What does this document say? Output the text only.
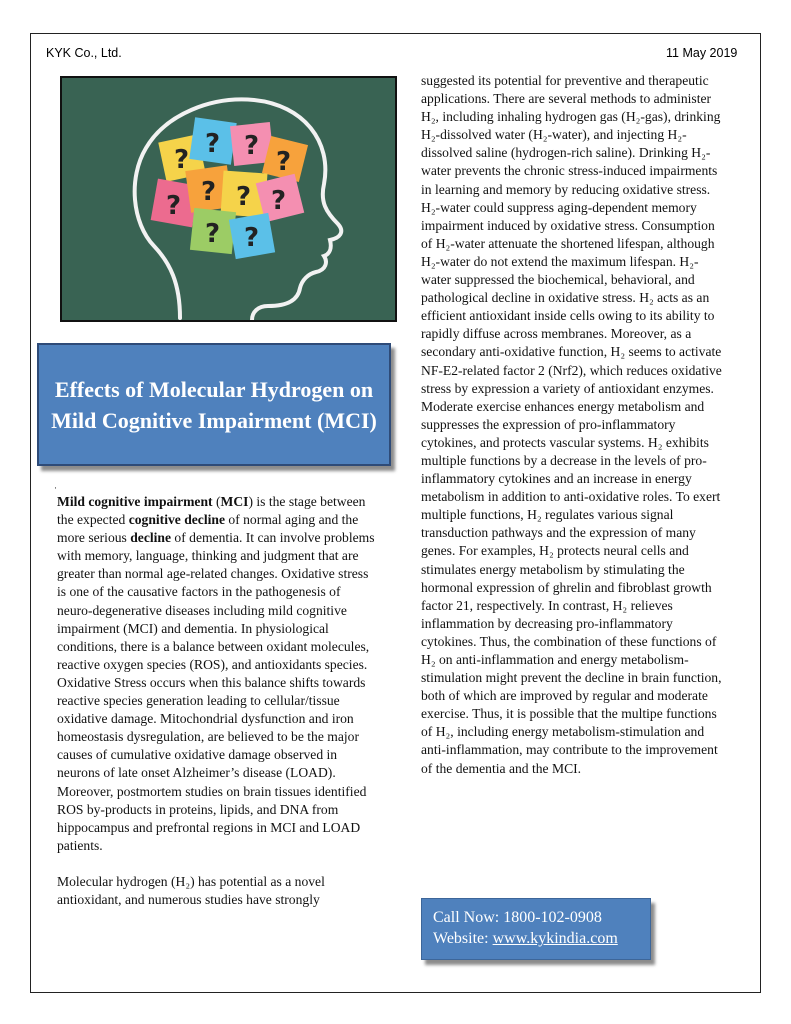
KYK Co., Ltd.	11 May 2019
?
? ?
?
? ? ? ?
? ?
Effects of Molecular Hydrogen on Mild Cognitive Impairment (MCI)

·

Mild cognitive impairment (MCI) is the stage between the expected cognitive decline of normal aging and the more serious decline of dementia. It can involve problems with memory, language, thinking and judgment that are greater than normal age-related changes. Oxidative stress is one of the causative factors in the pathogenesis of neuro-degenerative diseases including mild cognitive impairment (MCI) and dementia. In physiological conditions, there is a balance between oxidant molecules, reactive oxygen species (ROS), and antioxidants species. Oxidative Stress occurs when this balance shifts towards reactive species generation leading to cellular/tissue oxidative damage. Mitochondrial dysfunction and iron homeostasis dysregulation, are believed to be the major causes of cumulative oxidative damage observed in neurons of late onset Alzheimer’s disease (LOAD). Moreover, postmortem studies on brain tissues identified ROS by-products in proteins, lipids, and DNA from hippocampus and prefrontal regions in MCI and LOAD patients.

Molecular hydrogen (H₂) has potential as a novel antioxidant, and numerous studies have strongly

suggested its potential for preventive and therapeutic applications. There are several methods to administer H₂, including inhaling hydrogen gas (H₂-gas), drinking H₂-dissolved water (H₂-water), and injecting H₂-dissolved saline (hydrogen-rich saline). Drinking H₂-water prevents the chronic stress-induced impairments in learning and memory by reducing oxidative stress. H₂-water could suppress aging-dependent memory impairment induced by oxidative stress. Consumption of H₂-water attenuate the shortened lifespan, although H₂-water do not extend the maximum lifespan. H₂-water suppressed the biochemical, behavioral, and pathological decline in oxidative stress. H₂ acts as an efficient antioxidant inside cells owing to its ability to rapidly diffuse across membranes. Moreover, as a secondary anti-oxidative function, H₂ seems to activate NF-E2-related factor 2 (Nrf2), which reduces oxidative stress by expression a variety of antioxidant enzymes. Moderate exercise enhances energy metabolism and suppresses the expression of pro-inflammatory cytokines, and protects vascular systems. H₂ exhibits multiple functions by a decrease in the levels of pro-inflammatory cytokines and an increase in energy metabolism in addition to anti-oxidative roles. To exert multiple functions, H₂ regulates various signal transduction pathways and the expression of many genes. For examples, H₂ protects neural cells and stimulates energy metabolism by stimulating the hormonal expression of ghrelin and fibroblast growth factor 21, respectively. In contrast, H₂ relieves inflammation by decreasing pro-inflammatory cytokines. Thus, the combination of these functions of H₂ on anti-inflammation and energy metabolism-stimulation might prevent the decline in brain function, both of which are improved by regular and moderate exercise. Thus, it is possible that the multipe functions of H₂, including energy metabolism-stimulation and anti-inflammation, may contribute to the improvement of the dementia and the MCI.

Call Now: 1800-102-0908
Website: www.kykindia.com
